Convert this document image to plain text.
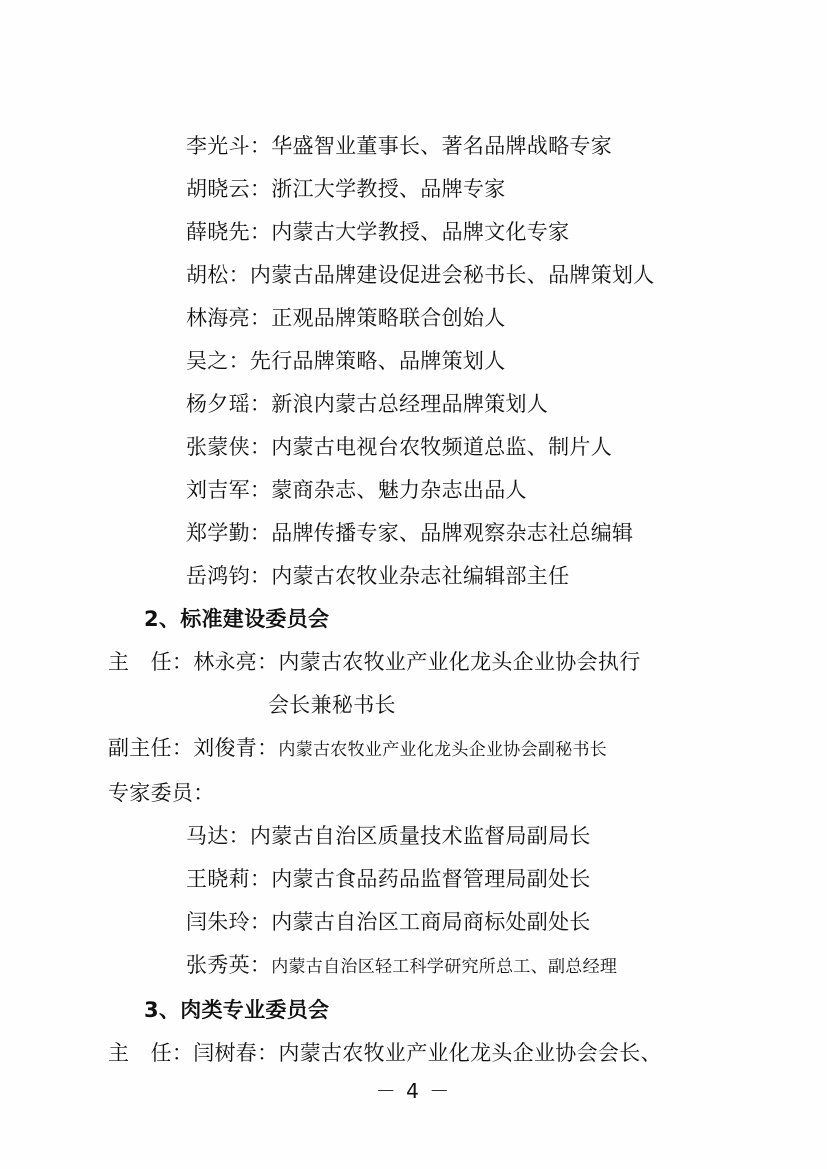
李光斗：华盛智业董事长、著名品牌战略专家
胡晓云：浙江大学教授、品牌专家
薛晓先：内蒙古大学教授、品牌文化专家
胡松：内蒙古品牌建设促进会秘书长、品牌策划人
林海亮：正观品牌策略联合创始人
吴之：先行品牌策略、品牌策划人
杨夕瑶：新浪内蒙古总经理品牌策划人
张蒙侠：内蒙古电视台农牧频道总监、制片人
刘吉军：蒙商杂志、魅力杂志出品人
郑学勤：品牌传播专家、品牌观察杂志社总编辑
岳鸿钧：内蒙古农牧业杂志社编辑部主任
2、标准建设委员会
主　任：林永亮：内蒙古农牧业产业化龙头企业协会执行
会长兼秘书长
副主任：刘俊青：内蒙古农牧业产业化龙头企业协会副秘书长
专家委员：
马达：内蒙古自治区质量技术监督局副局长
王晓莉：内蒙古食品药品监督管理局副处长
闫朱玲：内蒙古自治区工商局商标处副处长
张秀英：内蒙古自治区轻工科学研究所总工、副总经理
3、肉类专业委员会
主　任：闫树春：内蒙古农牧业产业化龙头企业协会会长、
－ 4 －
